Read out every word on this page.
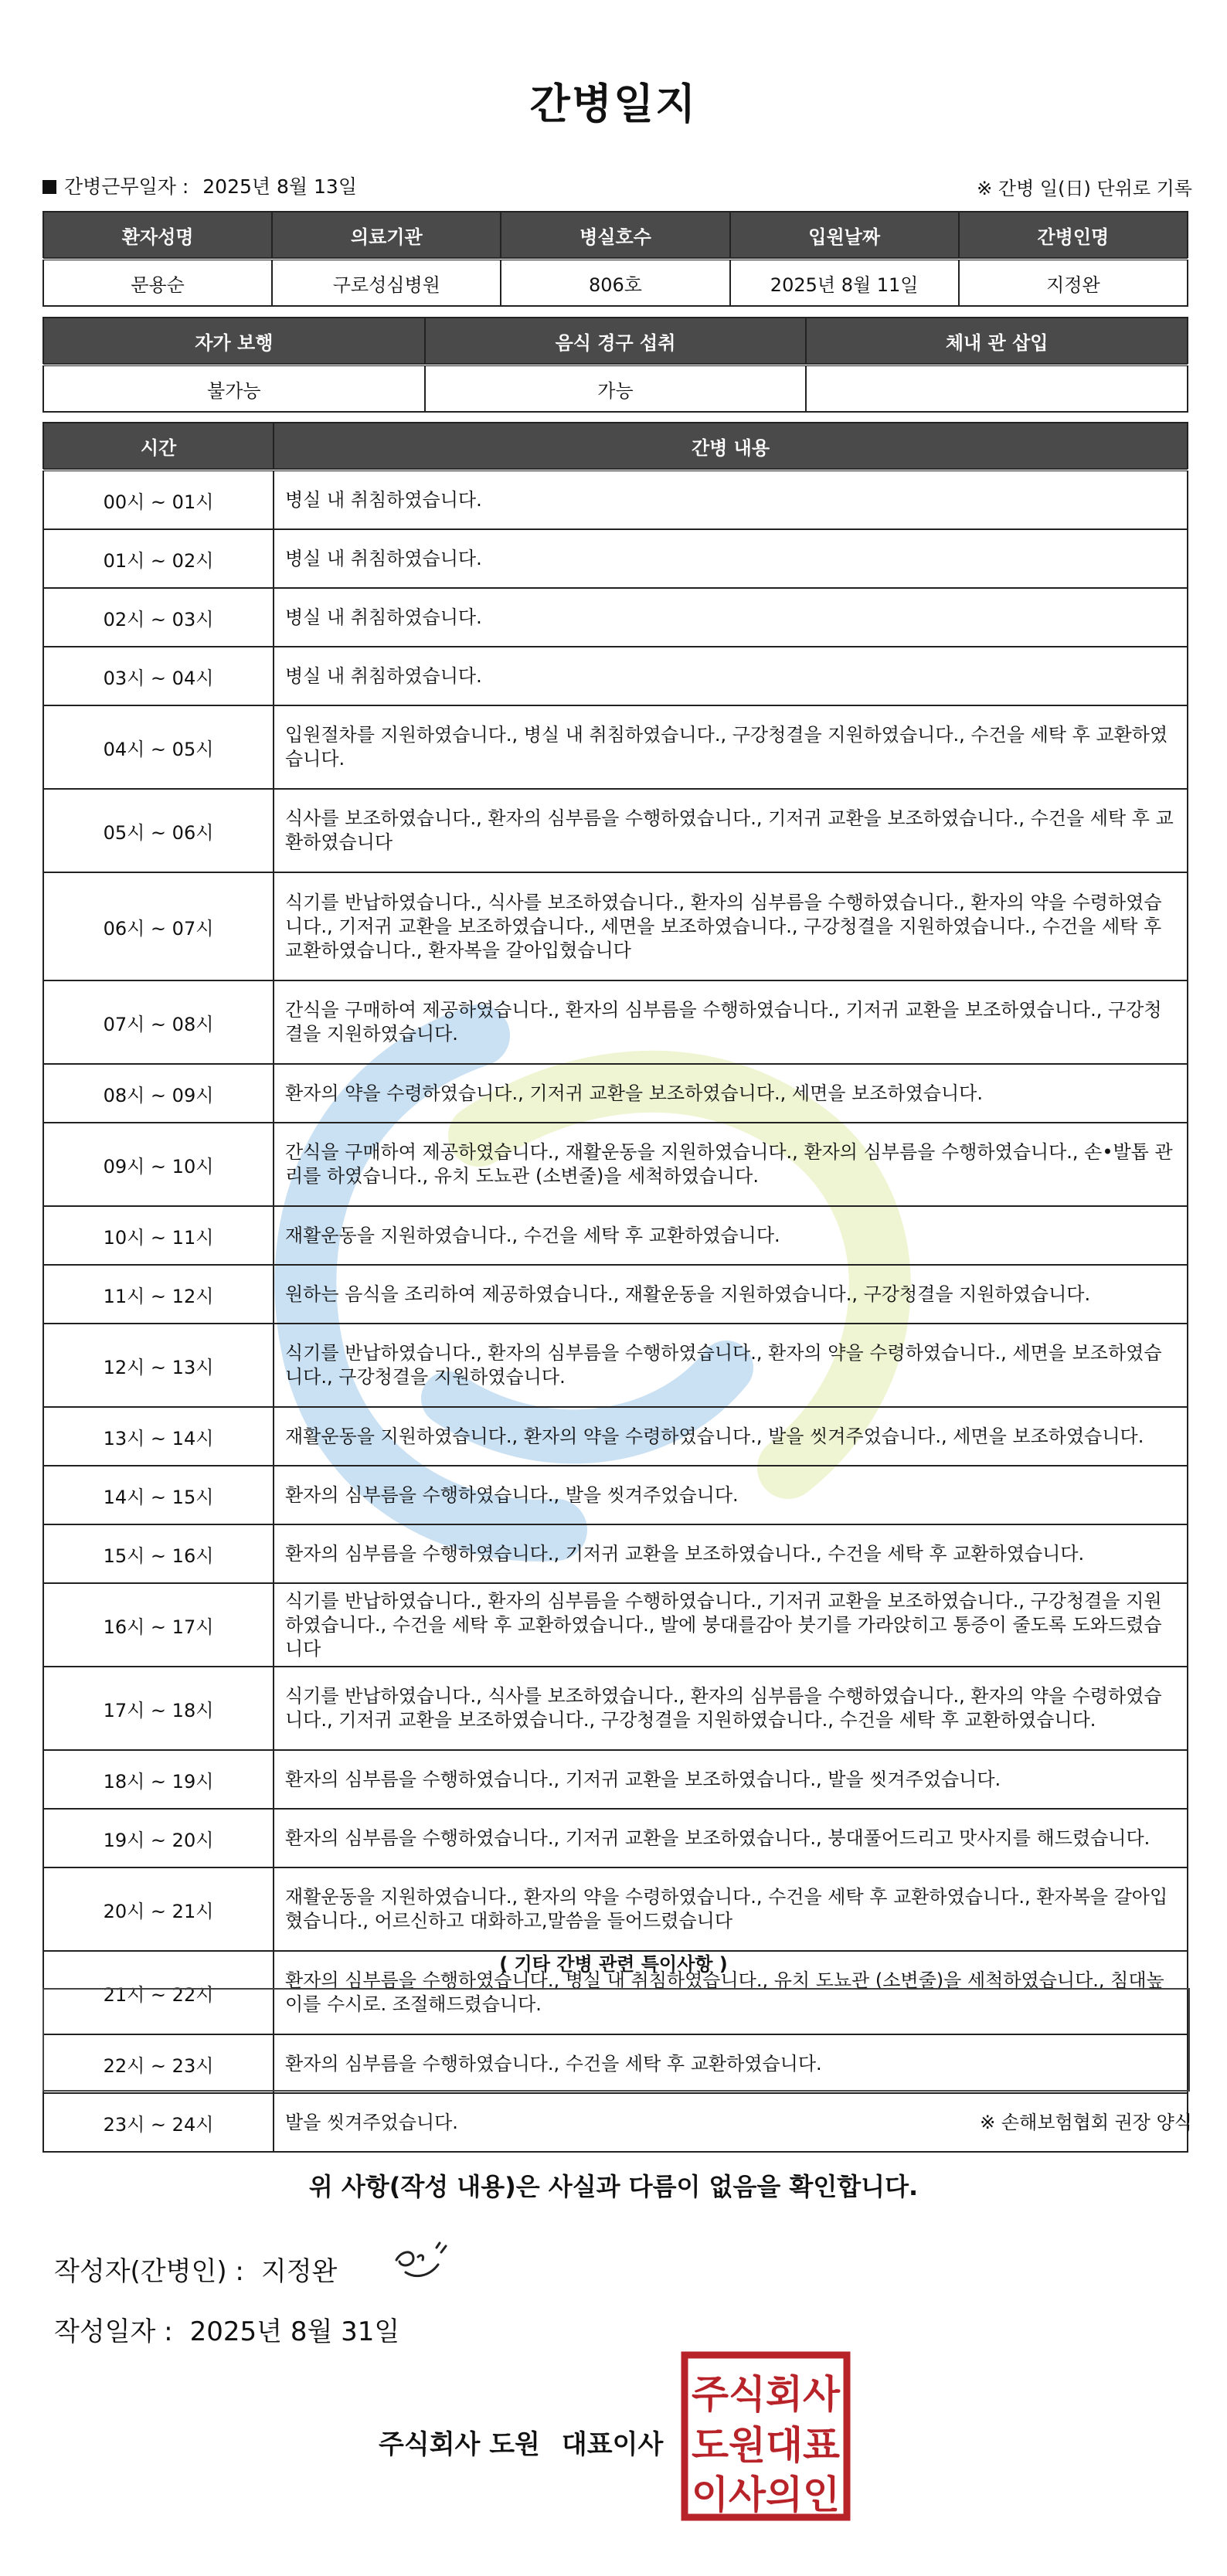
간병일지
간병근무일자 : 2025년 8월 13일	※ 간병 일(日) 단위로 기록
환자성명	의료기관	병실호수	입원날짜	간병인명
문용순	구로성심병원	806호	2025년 8월 11일	지정완
자가 보행	음식 경구 섭취	체내 관 삽입
불가능	가능	
시간	간병 내용
00시 ~ 01시	병실 내 취침하였습니다.
01시 ~ 02시	병실 내 취침하였습니다.
02시 ~ 03시	병실 내 취침하였습니다.
03시 ~ 04시	병실 내 취침하였습니다.
04시 ~ 05시	입원절차를 지원하였습니다., 병실 내 취침하였습니다., 구강청결을 지원하였습니다., 수건을 세탁 후 교환하였습니다.
05시 ~ 06시	식사를 보조하였습니다., 환자의 심부름을 수행하였습니다., 기저귀 교환을 보조하였습니다., 수건을 세탁 후 교환하였습니다
06시 ~ 07시	식기를 반납하였습니다., 식사를 보조하였습니다., 환자의 심부름을 수행하였습니다., 환자의 약을 수령하였습니다., 기저귀 교환을 보조하였습니다., 세면을 보조하였습니다., 구강청결을 지원하였습니다., 수건을 세탁 후 교환하였습니다., 환자복을 갈아입혔습니다
07시 ~ 08시	간식을 구매하여 제공하였습니다., 환자의 심부름을 수행하였습니다., 기저귀 교환을 보조하였습니다., 구강청결을 지원하였습니다.
08시 ~ 09시	환자의 약을 수령하였습니다., 기저귀 교환을 보조하였습니다., 세면을 보조하였습니다.
09시 ~ 10시	간식을 구매하여 제공하였습니다., 재활운동을 지원하였습니다., 환자의 심부름을 수행하였습니다., 손•발톱 관리를 하였습니다., 유치 도뇨관 (소변줄)을 세척하였습니다.
10시 ~ 11시	재활운동을 지원하였습니다., 수건을 세탁 후 교환하였습니다.
11시 ~ 12시	원하는 음식을 조리하여 제공하였습니다., 재활운동을 지원하였습니다., 구강청결을 지원하였습니다.
12시 ~ 13시	식기를 반납하였습니다., 환자의 심부름을 수행하였습니다., 환자의 약을 수령하였습니다., 세면을 보조하였습니다., 구강청결을 지원하였습니다.
13시 ~ 14시	재활운동을 지원하였습니다., 환자의 약을 수령하였습니다., 발을 씻겨주었습니다., 세면을 보조하였습니다.
14시 ~ 15시	환자의 심부름을 수행하였습니다., 발을 씻겨주었습니다.
15시 ~ 16시	환자의 심부름을 수행하였습니다., 기저귀 교환을 보조하였습니다., 수건을 세탁 후 교환하였습니다.
16시 ~ 17시	식기를 반납하였습니다., 환자의 심부름을 수행하였습니다., 기저귀 교환을 보조하였습니다., 구강청결을 지원하였습니다., 수건을 세탁 후 교환하였습니다., 발에 붕대를감아 붓기를 가라앉히고 통증이 줄도록 도와드렸습니다
17시 ~ 18시	식기를 반납하였습니다., 식사를 보조하였습니다., 환자의 심부름을 수행하였습니다., 환자의 약을 수령하였습니다., 기저귀 교환을 보조하였습니다., 구강청결을 지원하였습니다., 수건을 세탁 후 교환하였습니다.
18시 ~ 19시	환자의 심부름을 수행하였습니다., 기저귀 교환을 보조하였습니다., 발을 씻겨주었습니다.
19시 ~ 20시	환자의 심부름을 수행하였습니다., 기저귀 교환을 보조하였습니다., 붕대풀어드리고 맛사지를 해드렸습니다.
20시 ~ 21시	재활운동을 지원하였습니다., 환자의 약을 수령하였습니다., 수건을 세탁 후 교환하였습니다., 환자복을 갈아입혔습니다., 어르신하고 대화하고,말씀을 들어드렸습니다
21시 ~ 22시	환자의 심부름을 수행하였습니다., 병실 내 취침하였습니다., 유치 도뇨관 (소변줄)을 세척하였습니다., 침대높이를 수시로. 조절해드렸습니다.
22시 ~ 23시	환자의 심부름을 수행하였습니다., 수건을 세탁 후 교환하였습니다.
23시 ~ 24시	발을 씻겨주었습니다.
( 기타 간병 관련 특이사항 )
※ 손해보험협회 권장 양식
위 사항(작성 내용)은 사실과 다름이 없음을 확인합니다.
작성자(간병인) : 지정완
작성일자 : 2025년 8월 31일
주식회사 도원 대표이사
주식회사
도원대표
이사의인
